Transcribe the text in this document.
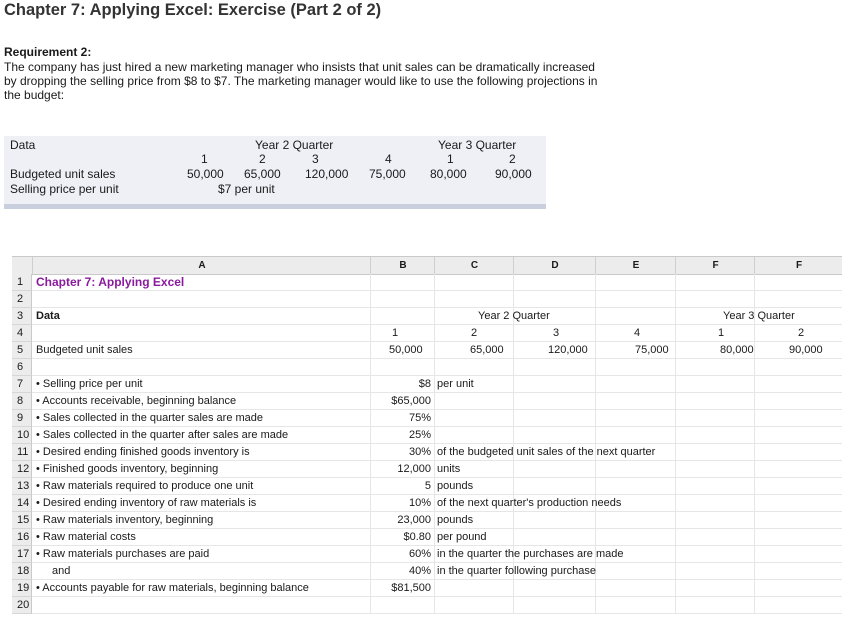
Chapter 7: Applying Excel: Exercise (Part 2 of 2)
Requirement 2:
The company has just hired a new marketing manager who insists that unit sales can be dramatically increased by dropping the selling price from $8 to $7. The marketing manager would like to use the following projections in the budget:
Data	Year 2 Quarter	Year 3 Quarter
1	2	3	4	1	2
Budgeted unit sales	50,000 65,000 120,000 75,000 80,000 90,000
Selling price per unit	$7 per unit
A	B	C	D	E	F	F
1
2
3
4
5
6
7
8
9
10
11
12
13
14
15
16
17
18
19
20
Chapter 7: Applying Excel
Data	Year 2 Quarter	Year 3 Quarter
1	2	3	4	1	2
Budgeted unit sales	50,000	65,000	120,000	75,000	80,000	90,000
• Selling price per unit	$8 per unit
• Accounts receivable, beginning balance	$65,000
• Sales collected in the quarter sales are made	75%
• Sales collected in the quarter after sales are made	25%
• Desired ending finished goods inventory is	30% of the budgeted unit sales of the next quarter
• Finished goods inventory, beginning	12,000 units
• Raw materials required to produce one unit	5 pounds
• Desired ending inventory of raw materials is	10% of the next quarter's production needs
• Raw materials inventory, beginning	23,000 pounds
• Raw material costs	$0.80 per pound
• Raw materials purchases are paid	60% in the quarter the purchases are made
and	40% in the quarter following purchase
• Accounts payable for raw materials, beginning balance	$81,500
